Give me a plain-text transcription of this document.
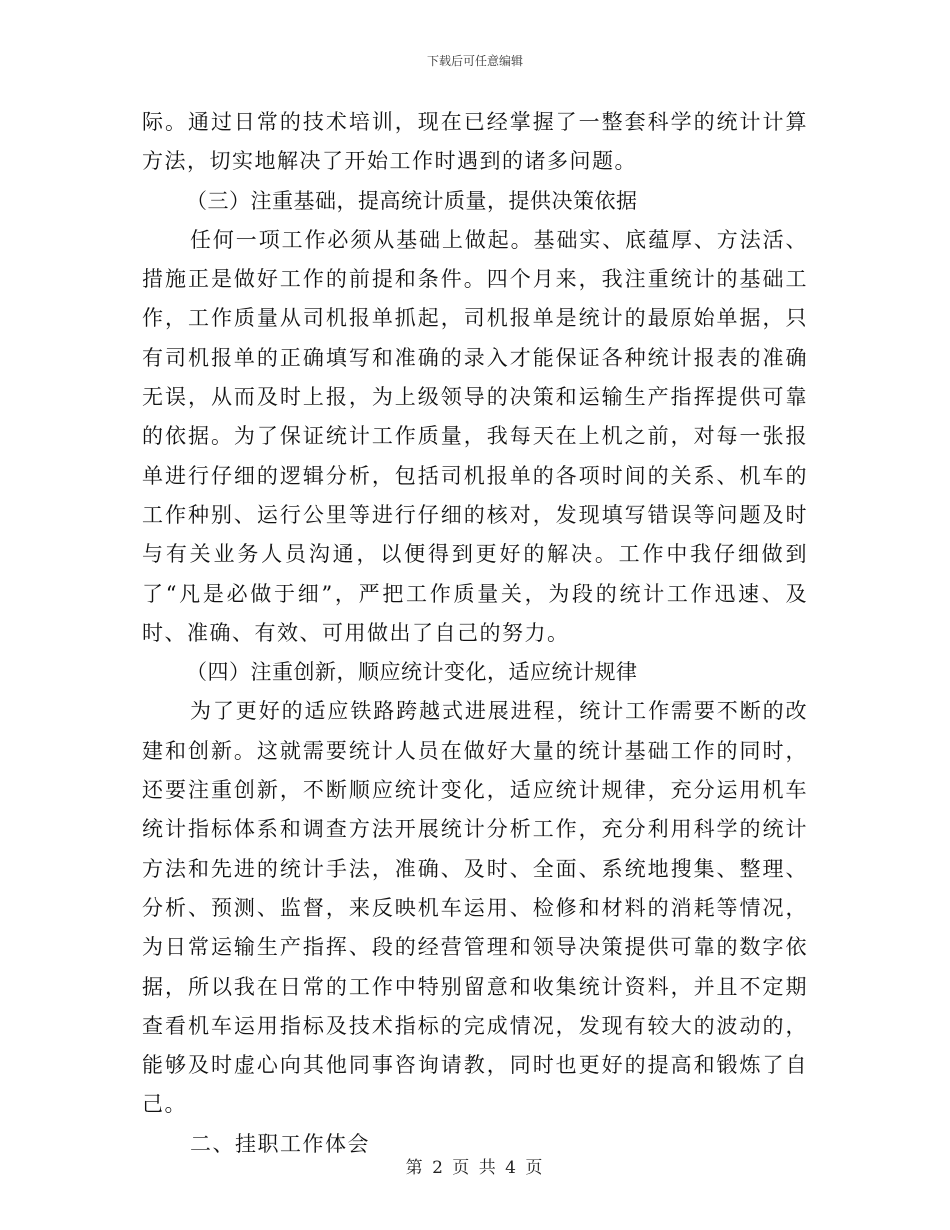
下载后可任意编辑

际。通过日常的技术培训，现在已经掌握了一整套科学的统计计算方法，切实地解决了开始工作时遇到的诸多问题。

（三）注重基础，提高统计质量，提供决策依据

任何一项工作必须从基础上做起。基础实、底蕴厚、方法活、措施正是做好工作的前提和条件。四个月来，我注重统计的基础工作，工作质量从司机报单抓起，司机报单是统计的最原始单据，只有司机报单的正确填写和准确的录入才能保证各种统计报表的准确无误，从而及时上报，为上级领导的决策和运输生产指挥提供可靠的依据。为了保证统计工作质量，我每天在上机之前，对每一张报单进行仔细的逻辑分析，包括司机报单的各项时间的关系、机车的工作种别、运行公里等进行仔细的核对，发现填写错误等问题及时与有关业务人员沟通，以便得到更好的解决。工作中我仔细做到了“凡是必做于细”，严把工作质量关，为段的统计工作迅速、及时、准确、有效、可用做出了自己的努力。

（四）注重创新，顺应统计变化，适应统计规律

为了更好的适应铁路跨越式进展进程，统计工作需要不断的改建和创新。这就需要统计人员在做好大量的统计基础工作的同时，还要注重创新，不断顺应统计变化，适应统计规律，充分运用机车统计指标体系和调查方法开展统计分析工作，充分利用科学的统计方法和先进的统计手法，准确、及时、全面、系统地搜集、整理、分析、预测、监督，来反映机车运用、检修和材料的消耗等情况，为日常运输生产指挥、段的经营管理和领导决策提供可靠的数字依据，所以我在日常的工作中特别留意和收集统计资料，并且不定期查看机车运用指标及技术指标的完成情况，发现有较大的波动的，能够及时虚心向其他同事咨询请教，同时也更好的提高和锻炼了自己。

二、挂职工作体会

第 2 页 共 4 页
